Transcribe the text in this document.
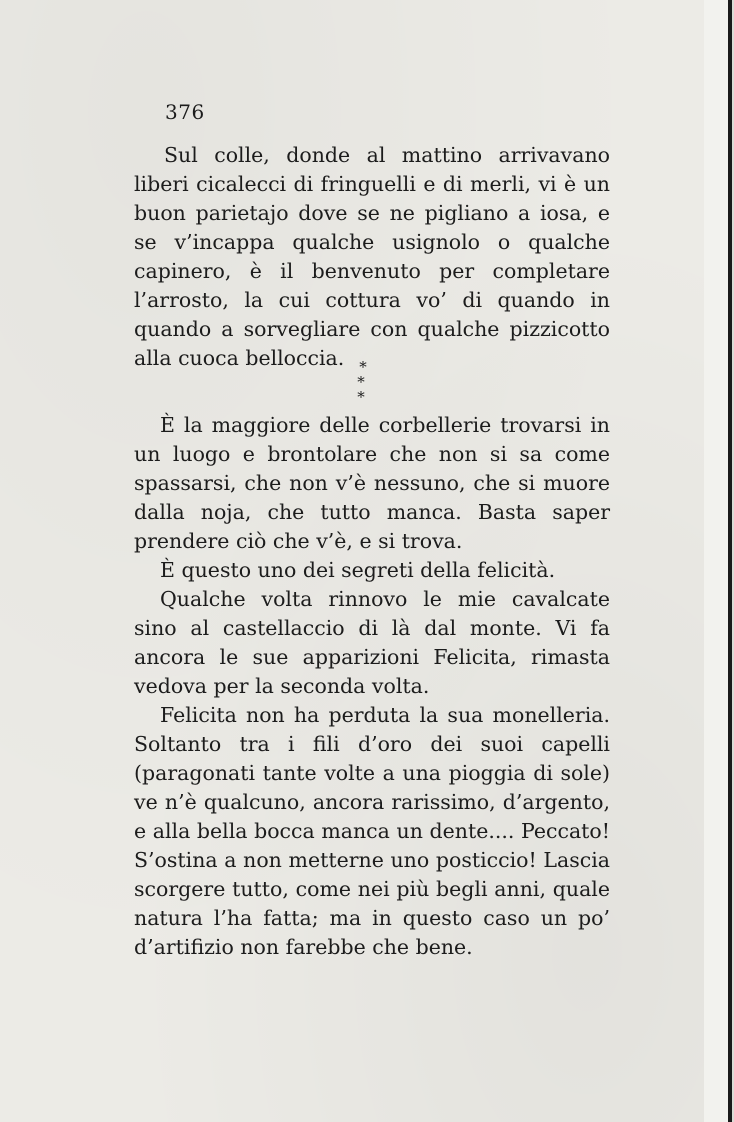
376

Sul colle, donde al mattino arrivavano liberi cicalecci di fringuelli e di merli, vi è un buon parietajo dove se ne pigliano a iosa, e se v’incappa qualche usignolo o qualche capinero, è il benvenuto per completare l’arrosto, la cui cottura vo’ di quando in quando a sorvegliare con qualche pizzicotto alla cuoca belloccia. *
* *

È la maggiore delle corbellerie trovarsi in un luogo e brontolare che non si sa come spassarsi, che non v’è nessuno, che si muore dalla noja, che tutto manca. Basta saper prendere ciò che v’è, e si trova.

È questo uno dei segreti della felicità.

Qualche volta rinnovo le mie cavalcate sino al castellaccio di là dal monte. Vi fa ancora le sue apparizioni Felicita, rimasta vedova per la seconda volta.

Felicita non ha perduta la sua monelleria. Soltanto tra i fili d’oro dei suoi capelli (paragonati tante volte a una pioggia di sole) ve n’è qualcuno, ancora rarissimo, d’argento, e alla bella bocca manca un dente.... Peccato! S’ostina a non metterne uno posticcio! Lascia scorgere tutto, come nei più begli anni, quale natura l’ha fatta; ma in questo caso un po’ d’artifizio non farebbe che bene.
